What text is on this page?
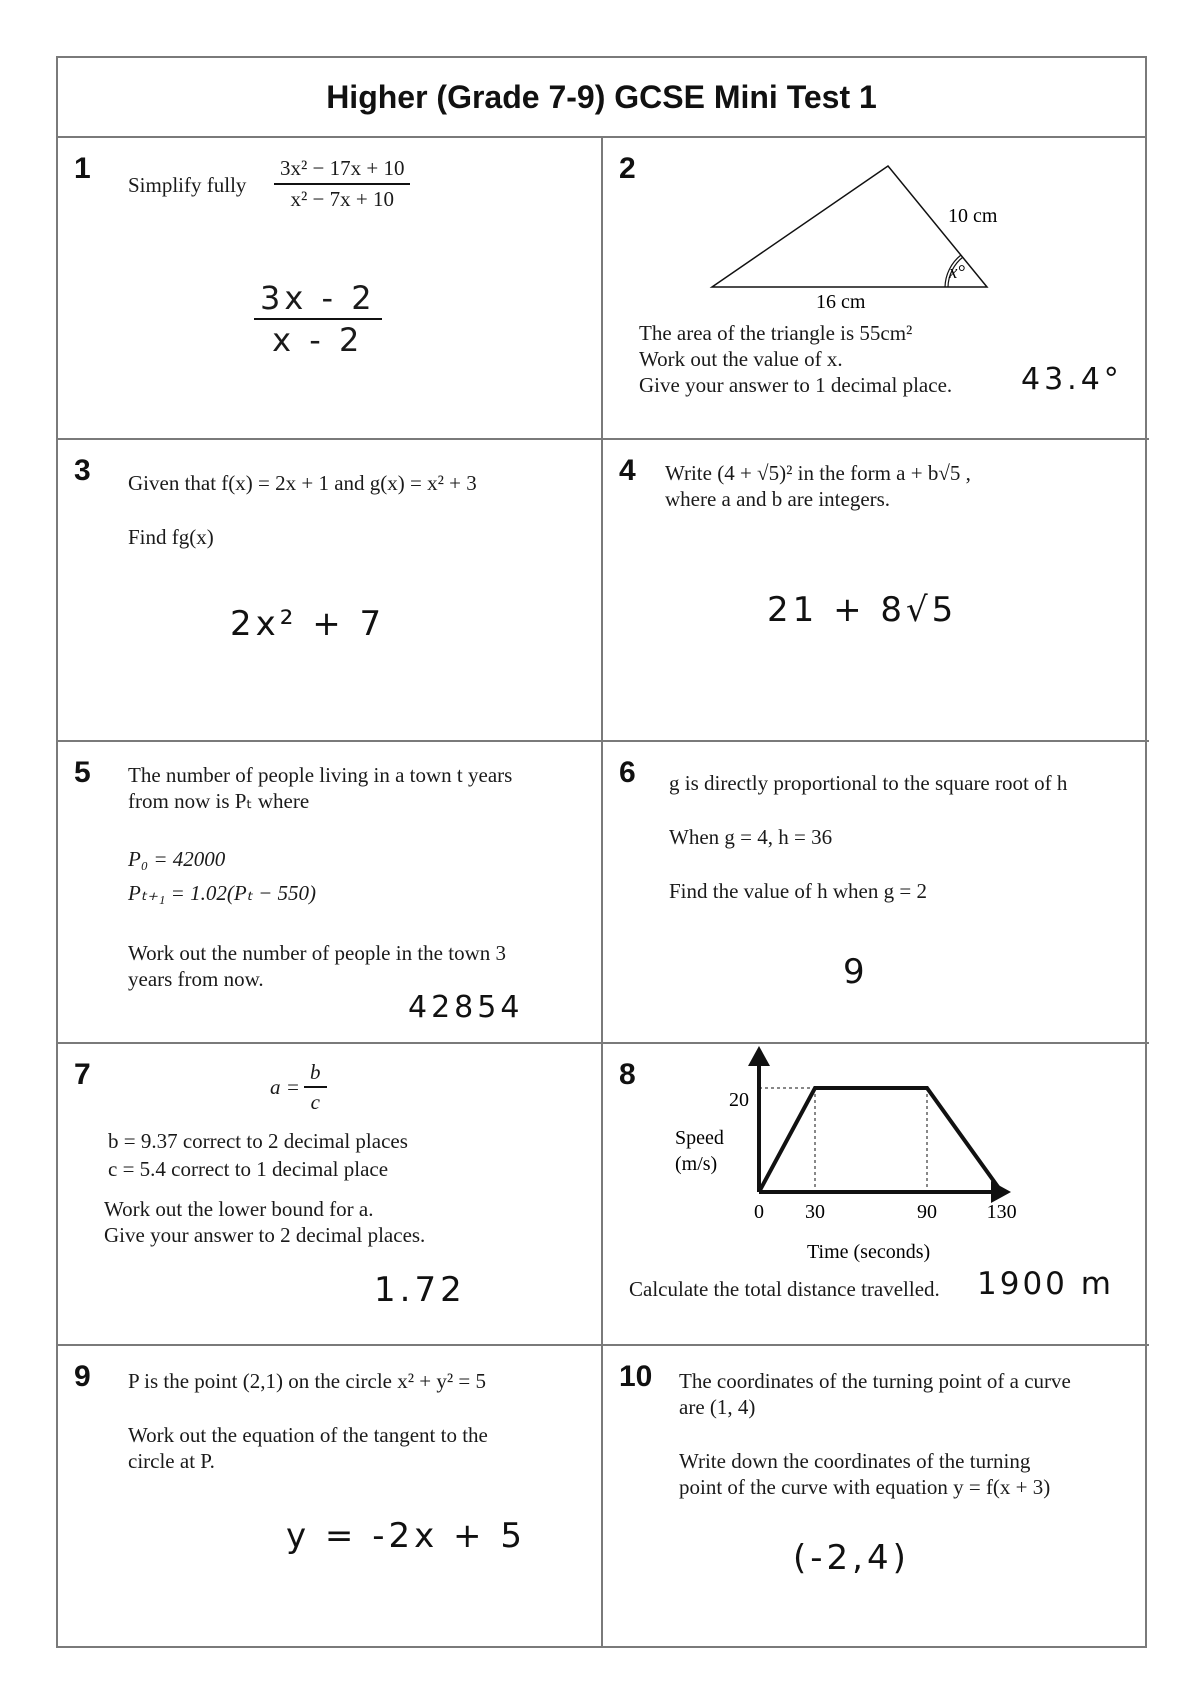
Higher (Grade 7-9) GCSE Mini Test 1
1 Simplify fully $\frac{\text{3x² − 17x + 10}}{\text{x² − 7x + 10}}$
$\frac{3x - 2}{x - 2}$
2
x°
10 cm
16 cm
The area of the triangle is 55cm²
Work out the value of x.
Give your answer to 1 decimal place. 43.4°
3 Given that f(x) = 2x + 1 and g(x) = x² + 3
Find fg(x)
2x² + 7
4 Write (4 + √5)² in the form a + b√5 ,
where a and b are integers.
21 + 8√5
5 The number of people living in a town t years
from now is Pₜ where
P₀ = 42000
Pₜ₊₁ = 1.02(Pₜ − 550)
Work out the number of people in the town 3
years from now.
42854
6 g is directly proportional to the square root of h
When g = 4, h = 36
Find the value of h when g = 2
9
7	$a = \frac{b}{c}$
b = 9.37 correct to 2 decimal places
c = 5.4 correct to 1 decimal place
Work out the lower bound for a.
Give your answer to 2 decimal places.
1.72
8
0 30	90 130
20
Speed
(m/s)
Time (seconds)
Calculate the total distance travelled. 1900 m
9 P is the point (2,1) on the circle x² + y² = 5
Work out the equation of the tangent to the
circle at P.
y = -2x + 5
10 The coordinates of the turning point of a curve
are (1, 4)
Write down the coordinates of the turning
point of the curve with equation y = f(x + 3)
(-2,4)
